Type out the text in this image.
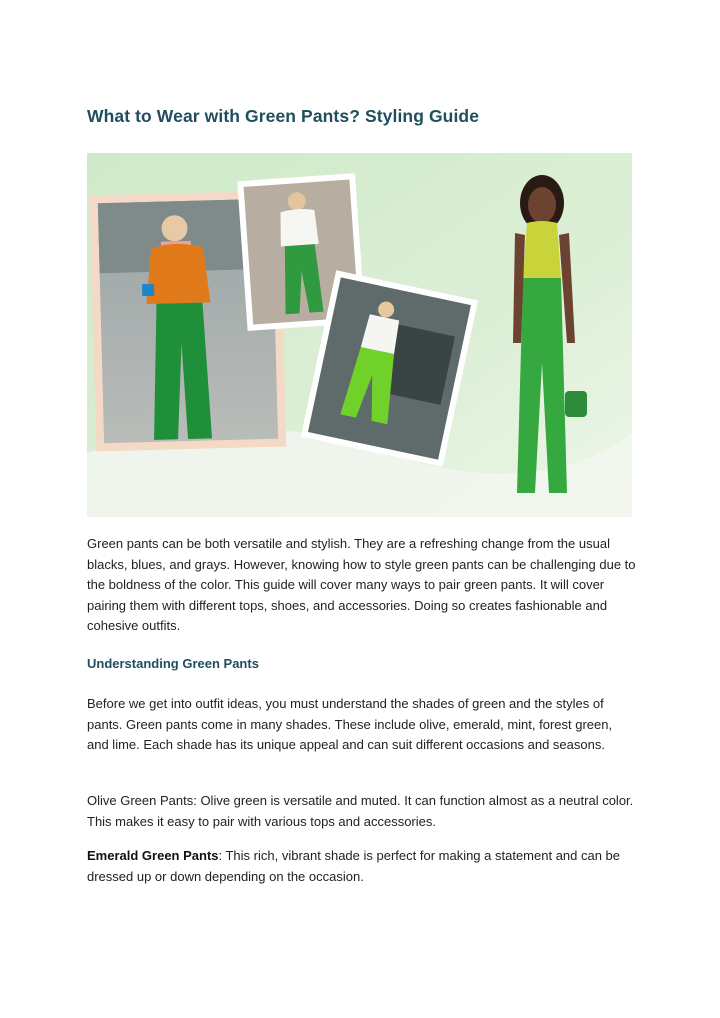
What to Wear with Green Pants? Styling Guide

Green pants can be both versatile and stylish. They are a refreshing change from the usual blacks, blues, and grays. However, knowing how to style green pants can be challenging due to the boldness of the color. This guide will cover many ways to pair green pants. It will cover pairing them with different tops, shoes, and accessories. Doing so creates fashionable and cohesive outfits.

Understanding Green Pants

Before we get into outfit ideas, you must understand the shades of green and the styles of pants. Green pants come in many shades. These include olive, emerald, mint, forest green, and lime. Each shade has its unique appeal and can suit different occasions and seasons.

Olive Green Pants: Olive green is versatile and muted. It can function almost as a neutral color. This makes it easy to pair with various tops and accessories.

Emerald Green Pants: This rich, vibrant shade is perfect for making a statement and can be dressed up or down depending on the occasion.
